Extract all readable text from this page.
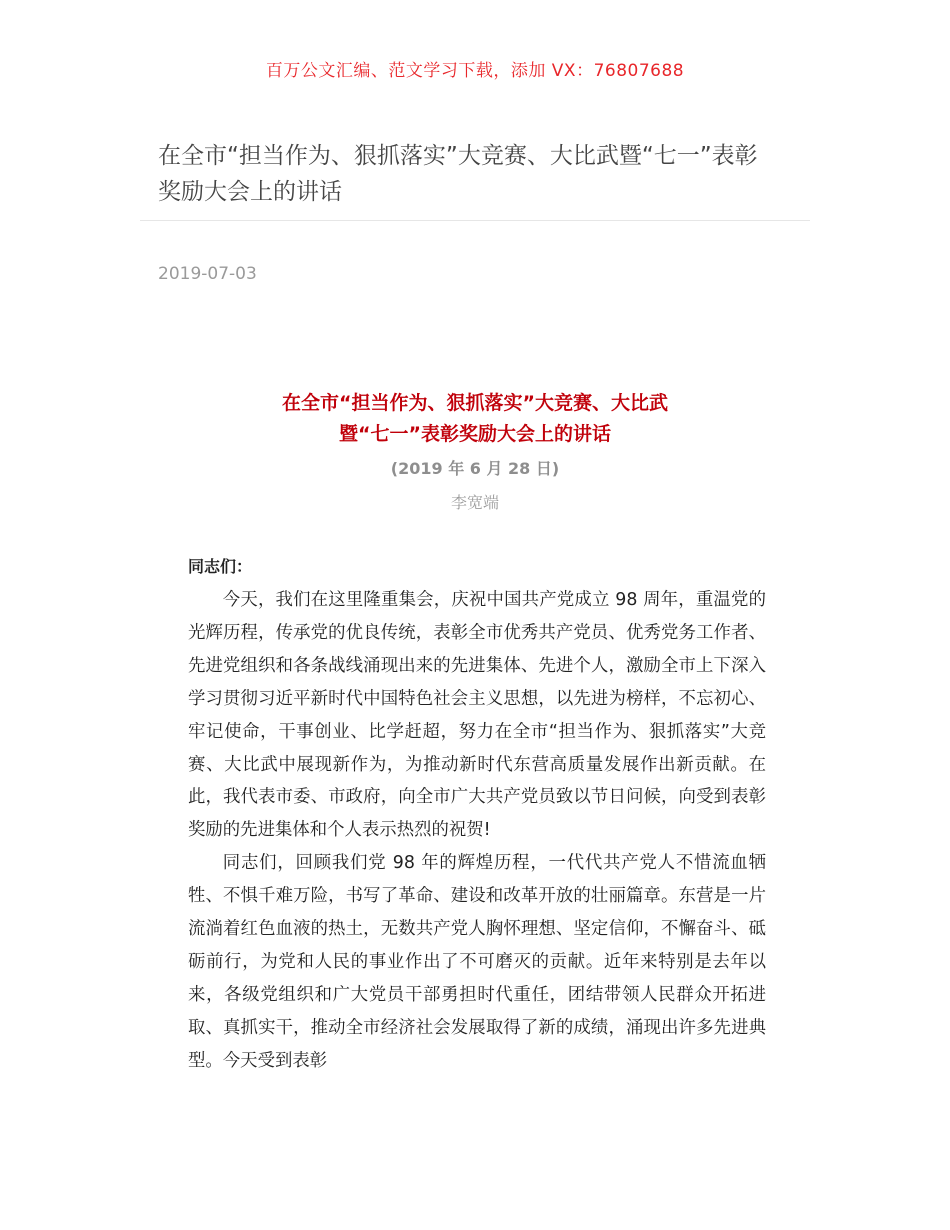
百万公文汇编、范文学习下载，添加 VX：76807688
在全市“担当作为、狠抓落实”大竞赛、大比武暨“七一”表彰奖励大会上的讲话
2019-07-03
在全市“担当作为、狠抓落实”大竞赛、大比武
暨“七一”表彰奖励大会上的讲话
(2019 年 6 月 28 日)
李宽端
同志们：

今天，我们在这里隆重集会，庆祝中国共产党成立 98 周年，重温党的光辉历程，传承党的优良传统，表彰全市优秀共产党员、优秀党务工作者、先进党组织和各条战线涌现出来的先进集体、先进个人，激励全市上下深入学习贯彻习近平新时代中国特色社会主义思想，以先进为榜样，不忘初心、牢记使命，干事创业、比学赶超，努力在全市“担当作为、狠抓落实”大竞赛、大比武中展现新作为，为推动新时代东营高质量发展作出新贡献。在此，我代表市委、市政府，向全市广大共产党员致以节日问候，向受到表彰奖励的先进集体和个人表示热烈的祝贺!

同志们，回顾我们党 98 年的辉煌历程，一代代共产党人不惜流血牺牲、不惧千难万险，书写了革命、建设和改革开放的壮丽篇章。东营是一片流淌着红色血液的热土，无数共产党人胸怀理想、坚定信仰，不懈奋斗、砥砺前行，为党和人民的事业作出了不可磨灭的贡献。近年来特别是去年以来，各级党组织和广大党员干部勇担时代重任，团结带领人民群众开拓进取、真抓实干，推动全市经济社会发展取得了新的成绩，涌现出许多先进典型。今天受到表彰
